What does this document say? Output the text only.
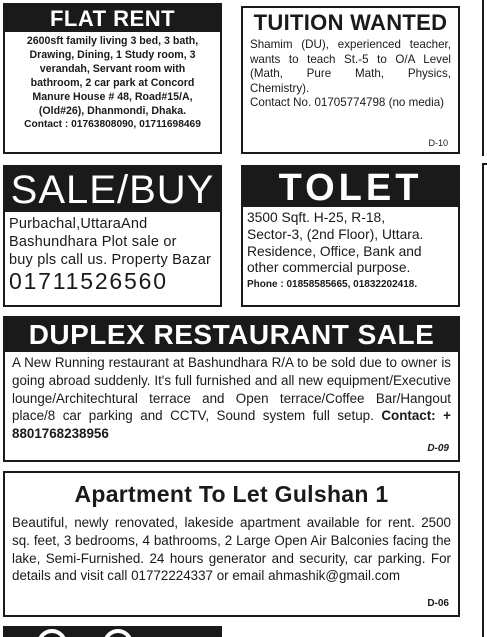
FLAT RENT
2600sft family living 3 bed, 3 bath,
Drawing, Dining, 1 Study room, 3
verandah, Servant room with
bathroom, 2 car park at Concord
Manure House # 48, Road#15/A,
(Old#26), Dhanmondi, Dhaka.
Contact : 01763808090, 01711698469
TUITION WANTED
Shamim (DU), experienced teacher, wants to teach St.-5 to O/A Level (Math, Pure Math, Physics, Chemistry).
Contact No. 01705774798 (no media)
D-10
SALE/BUY
Purbachal,UttaraAnd
Bashundhara Plot sale or
buy pls call us. Property Bazar
01711526560
TOLET
3500 Sqft. H-25, R-18,
Sector-3, (2nd Floor), Uttara.
Residence, Office, Bank and
other commercial purpose.
Phone : 01858585665, 01832202418.
DUPLEX RESTAURANT SALE
A New Running restaurant at Bashundhara R/A to be sold due to owner is going abroad suddenly. It's full furnished and all new equipment/Executive lounge/Architechtural terrace and Open terrace/Coffee Bar/Hangout place/8 car parking and CCTV, Sound system full setup. Contact: + 8801768238956
D-09
Apartment To Let Gulshan 1
Beautiful, newly renovated, lakeside apartment available for rent. 2500 sq. feet, 3 bedrooms, 4 bathrooms, 2 Large Open Air Balconies facing the lake, Semi-Furnished. 24 hours generator and security, car parking. For details and visit call 01772224337 or email ahmashik@gmail.com
D-06
